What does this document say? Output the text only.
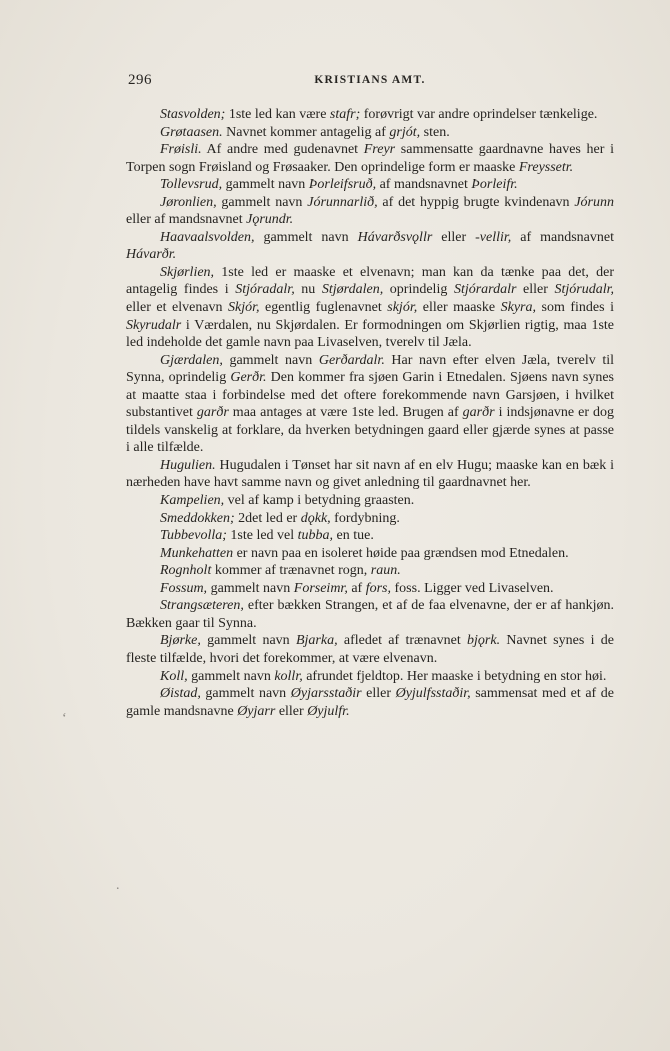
296	KRISTIANS AMT.

Stasvolden; 1ste led kan være stafr; forøvrigt var andre oprindelser tænkelige.

Grøtaasen. Navnet kommer antagelig af grjót, sten.

Frøisli. Af andre med gudenavnet Freyr sammensatte gaardnavne haves her i Torpen sogn Frøisland og Frøsaaker. Den oprindelige form er maaske Freyssetr.

Tollevsrud, gammelt navn Þorleifsruð, af mandsnavnet Þorleifr.

Jøronlien, gammelt navn Jórunnarlið, af det hyppig brugte kvindenavn Jórunn eller af mandsnavnet Jǫrundr.

Haavaalsvolden, gammelt navn Hávarðsvǫllr eller -vellir, af mandsnavnet Hávarðr.

Skjørlien, 1ste led er maaske et elvenavn; man kan da tænke paa det, der antagelig findes i Stjóradalr, nu Stjørdalen, oprindelig Stjórardalr eller Stjórudalr, eller et elvenavn Skjór, egentlig fuglenavnet skjór, eller maaske Skyra, som findes i Skyrudalr i Værdalen, nu Skjørdalen. Er formodningen om Skjørlien rigtig, maa 1ste led indeholde det gamle navn paa Livaselven, tverelv til Jæla.

Gjærdalen, gammelt navn Gerðardalr. Har navn efter elven Jæla, tverelv til Synna, oprindelig Gerðr. Den kommer fra sjøen Garin i Etnedalen. Sjøens navn synes at maatte staa i forbindelse med det oftere forekommende navn Garsjøen, i hvilket substantivet garðr maa antages at være 1ste led. Brugen af garðr i indsjønavne er dog tildels vanskelig at forklare, da hverken betydningen gaard eller gjærde synes at passe i alle tilfælde.

Hugulien. Hugudalen i Tønset har sit navn af en elv Hugu; maaske kan en bæk i nærheden have havt samme navn og givet anledning til gaardnavnet her.

Kampelien, vel af kamp i betydning graasten.

Smeddokken; 2det led er dǫkk, fordybning.

Tubbevolla; 1ste led vel tubba, en tue.

Munkehatten er navn paa en isoleret høide paa grændsen mod Etnedalen.

Rognholt kommer af trænavnet rogn, raun.

Fossum, gammelt navn Forseimr, af fors, foss. Ligger ved Livaselven.

Strangsæteren, efter bækken Strangen, et af de faa elvenavne, der er af hankjøn. Bækken gaar til Synna.

Bjørke, gammelt navn Bjarka, afledet af trænavnet bjǫrk. Navnet synes i de fleste tilfælde, hvori det forekommer, at være elvenavn.

Koll, gammelt navn kollr, afrundet fjeldtop. Her maaske i betydning en stor høi.

Øistad, gammelt navn Øyjarsstaðir eller Øyjulfsstaðir, sammensat med et af de gamle mandsnavne Øyjarr eller Øyjulfr.

‘
.
